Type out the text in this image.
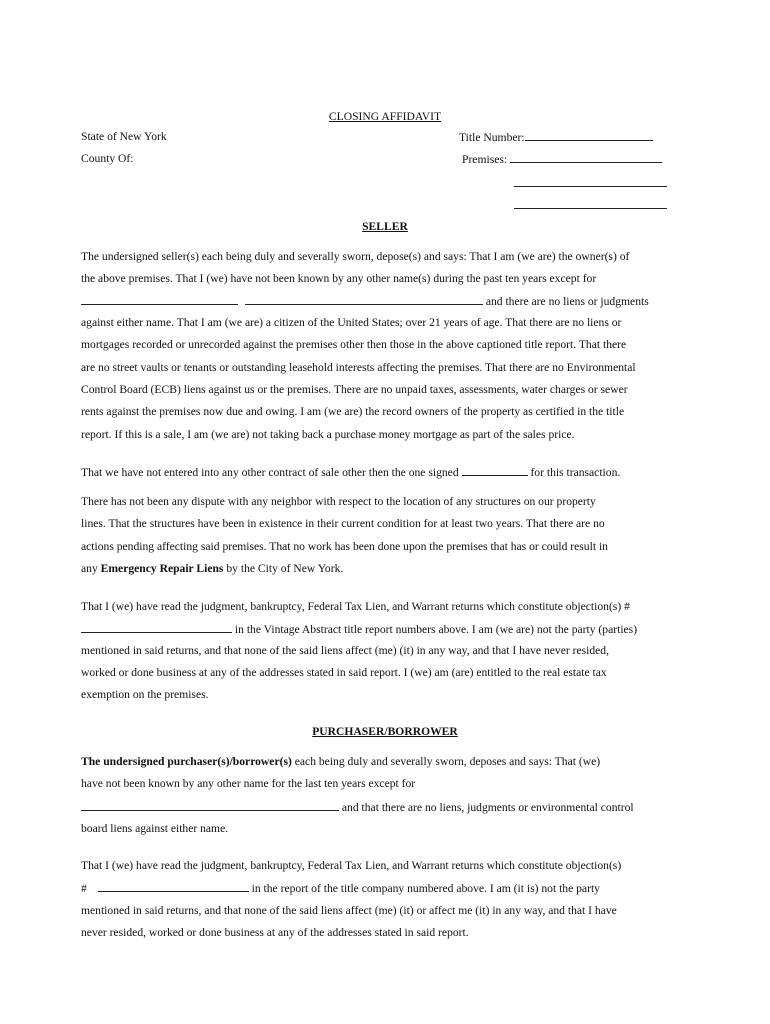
CLOSING AFFIDAVIT
State of New York	Title Number:
County Of:	Premises:
SELLER
The undersigned seller(s) each being duly and severally sworn, depose(s) and says: That I am (we are) the owner(s) of
the above premises. That I (we) have not been known by any other name(s) during the past ten years except for
and there are no liens or judgments
against either name. That I am (we are) a citizen of the United States; over 21 years of age. That there are no liens or
mortgages recorded or unrecorded against the premises other then those in the above captioned title report. That there
are no street vaults or tenants or outstanding leasehold interests affecting the premises. That there are no Environmental
Control Board (ECB) liens against us or the premises. There are no unpaid taxes, assessments, water charges or sewer
rents against the premises now due and owing. I am (we are) the record owners of the property as certified in the title
report. If this is a sale, I am (we are) not taking back a purchase money mortgage as part of the sales price.
That we have not entered into any other contract of sale other then the one signed	for this transaction.
There has not been any dispute with any neighbor with respect to the location of any structures on our property
lines. That the structures have been in existence in their current condition for at least two years. That there are no
actions pending affecting said premises. That no work has been done upon the premises that has or could result in
any Emergency Repair Liens by the City of New York.
That I (we) have read the judgment, bankruptcy, Federal Tax Lien, and Warrant returns which constitute objection(s) #
in the Vintage Abstract title report numbers above. I am (we are) not the party (parties)
mentioned in said returns, and that none of the said liens affect (me) (it) in any way, and that I have never resided,
worked or done business at any of the addresses stated in said report. I (we) am (are) entitled to the real estate tax
exemption on the premises.
PURCHASER/BORROWER
The undersigned purchaser(s)/borrower(s) each being duly and severally sworn, deposes and says: That (we)
have not been known by any other name for the last ten years except for
and that there are no liens, judgments or environmental control
board liens against either name.
That I (we) have read the judgment, bankruptcy, Federal Tax Lien, and Warrant returns which constitute objection(s)
#	in the report of the title company numbered above. I am (it is) not the party
mentioned in said returns, and that none of the said liens affect (me) (it) or affect me (it) in any way, and that I have
never resided, worked or done business at any of the addresses stated in said report.
